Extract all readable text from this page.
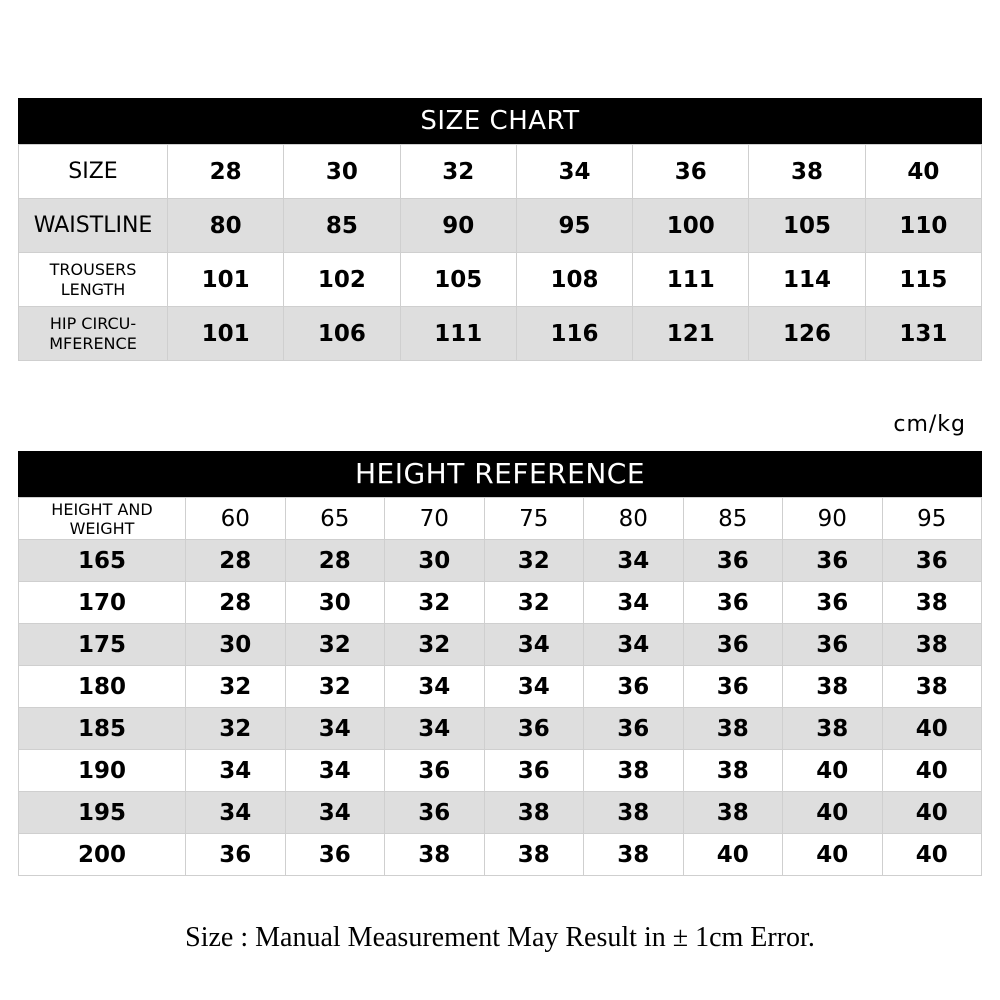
SIZE CHART
SIZE	28	30	32	34	36	38	40
WAISTLINE	80	85	90	95	100	105	110
TROUSERS
LENGTH	101	102	105	108	111	114	115
HIP CIRCU-
MFERENCE	101	106	111	116	121	126	131
cm/kg
HEIGHT REFERENCE
HEIGHT AND
WEIGHT	60	65	70	75	80	85	90	95
165	28	28	30	32	34	36	36	36
170	28	30	32	32	34	36	36	38
175	30	32	32	34	34	36	36	38
180	32	32	34	34	36	36	38	38
185	32	34	34	36	36	38	38	40
190	34	34	36	36	38	38	40	40
195	34	34	36	38	38	38	40	40
200	36	36	38	38	38	40	40	40
Size : Manual Measurement May Result in ± 1cm Error.
